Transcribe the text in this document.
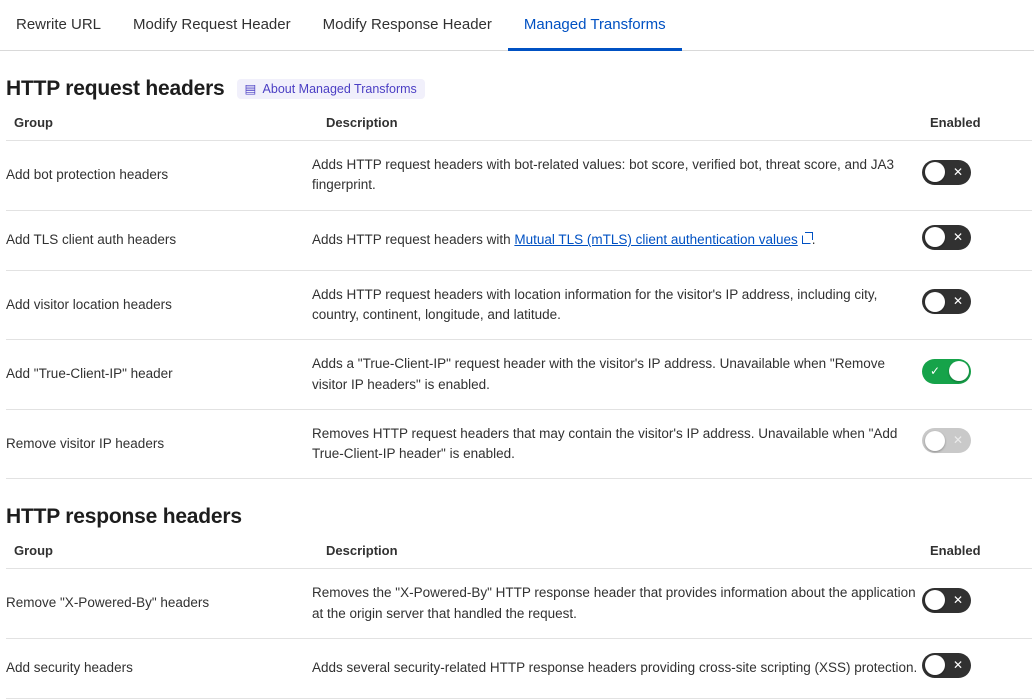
Rewrite URL Modify Request Header Modify Response Header Managed Transforms
HTTP request headers ▤ About Managed Transforms
Group	Description	Enabled
Add bot protection headers	Adds HTTP request headers with bot-related values: bot score, verified bot, threat score, and JA3 fingerprint.	✕

Add TLS client auth headers	Adds HTTP request headers with Mutual TLS (mTLS) client authentication values .	✕

Add visitor location headers	Adds HTTP request headers with location information for the visitor's IP address, including city, country, continent, longitude, and latitude.	✕

Add "True-Client-IP" header	Adds a "True-Client-IP" request header with the visitor's IP address. Unavailable when "Remove visitor IP headers" is enabled.	✓

Remove visitor IP headers	Removes HTTP request headers that may contain the visitor's IP address. Unavailable when "Add True-Client-IP header" is enabled.	✕
HTTP response headers
Group	Description	Enabled
Remove "X-Powered-By" headers	Removes the "X-Powered-By" HTTP response header that provides information about the application at the origin server that handled the request.	✕

Add security headers	Adds several security-related HTTP response headers providing cross-site scripting (XSS) protection.	✕
